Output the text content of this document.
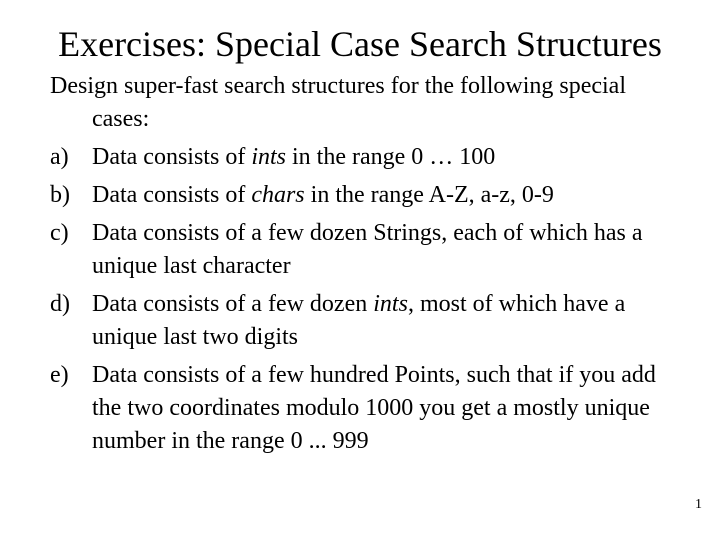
Exercises: Special Case Search Structures

Design super-fast search structures for the following special cases:

a) Data consists of ints in the range 0 … 100
b) Data consists of chars in the range A-Z, a-z, 0-9
c) Data consists of a few dozen Strings, each of which has a unique last character
d) Data consists of a few dozen ints, most of which have a unique last two digits
e) Data consists of a few hundred Points, such that if you add the two coordinates modulo 1000 you get a mostly unique number in the range 0 ... 999
1
